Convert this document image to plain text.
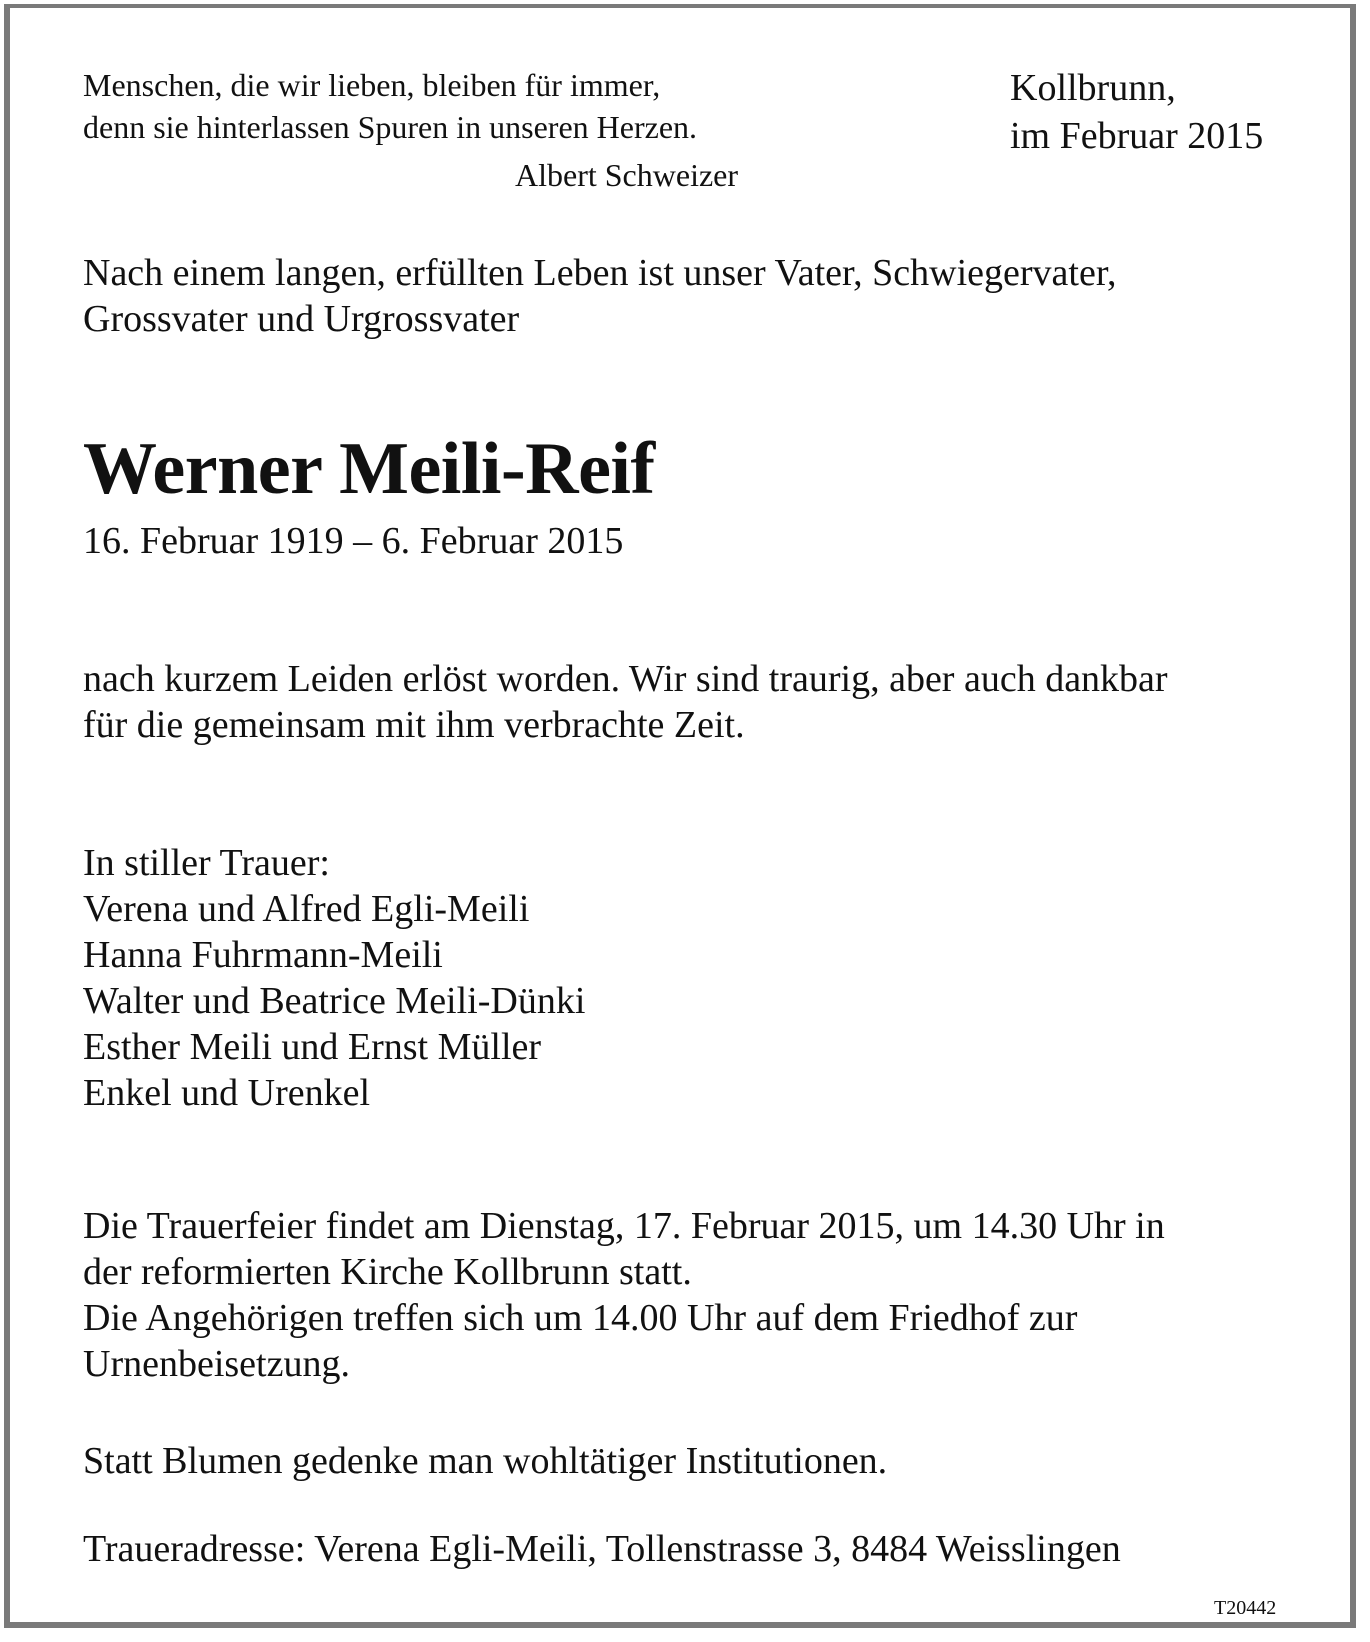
Menschen, die wir lieben, bleiben für immer,
denn sie hinterlassen Spuren in unseren Herzen.
Albert Schweizer
Kollbrunn,
im Februar 2015
Nach einem langen, erfüllten Leben ist unser Vater, Schwiegervater,
Grossvater und Urgrossvater
Werner Meili-Reif
16. Februar 1919 – 6. Februar 2015
nach kurzem Leiden erlöst worden. Wir sind traurig, aber auch dankbar
für die gemeinsam mit ihm verbrachte Zeit.
In stiller Trauer:
Verena und Alfred Egli-Meili
Hanna Fuhrmann-Meili
Walter und Beatrice Meili-Dünki
Esther Meili und Ernst Müller
Enkel und Urenkel
Die Trauerfeier findet am Dienstag, 17. Februar 2015, um 14.30 Uhr in
der reformierten Kirche Kollbrunn statt.
Die Angehörigen treffen sich um 14.00 Uhr auf dem Friedhof zur
Urnenbeisetzung.
Statt Blumen gedenke man wohltätiger Institutionen.
Traueradresse: Verena Egli-Meili, Tollenstrasse 3, 8484 Weisslingen
T20442
